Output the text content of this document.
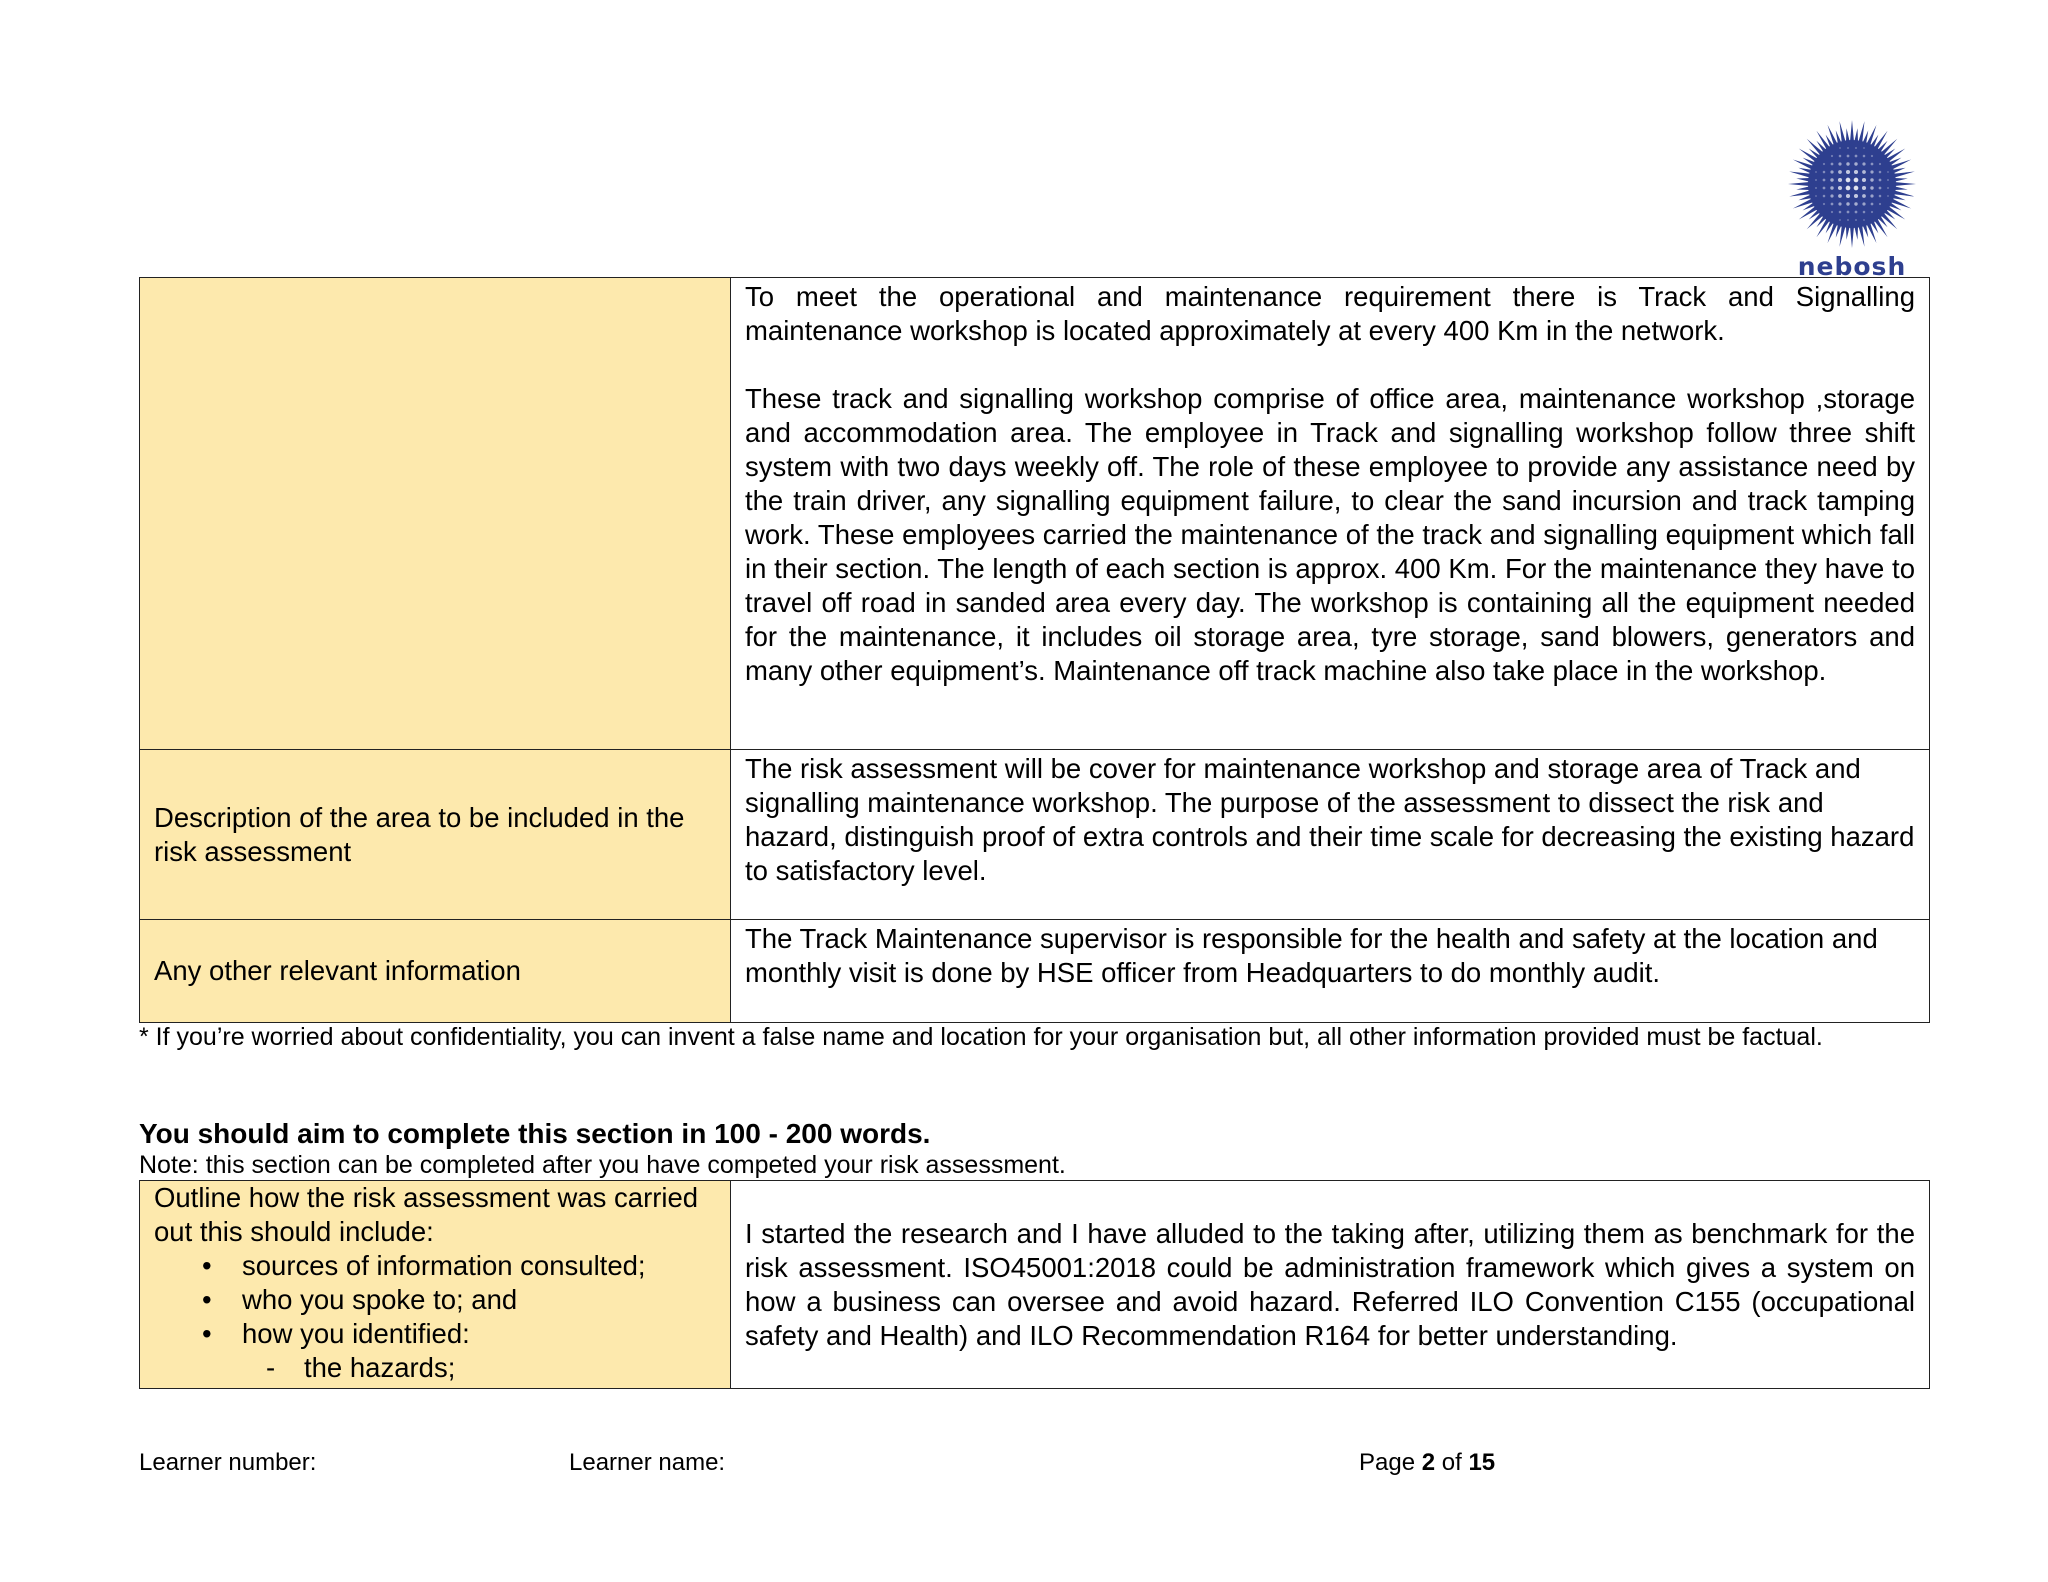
nebosh

	To meet the operational and maintenance requirement there is Track and Signalling maintenance workshop is located approximately at every 400 Km in the network.

These track and signalling workshop comprise of office area, maintenance workshop ,storage and accommodation area. The employee in Track and signalling workshop follow three shift system with two days weekly off. The role of these employee to provide any assistance need by the train driver, any signalling equipment failure, to clear the sand incursion and track tamping work. These employees carried the maintenance of the track and signalling equipment which fall in their section. The length of each section is approx. 400 Km. For the maintenance they have to travel off road in sanded area every day. The workshop is containing all the equipment needed for the maintenance, it includes oil storage area, tyre storage, sand blowers, generators and many other equipment’s. Maintenance off track machine also take place in the workshop.

Description of the area to be included in the risk assessment	The risk assessment will be cover for maintenance workshop and storage area of Track and signalling maintenance workshop. The purpose of the assessment to dissect the risk and hazard, distinguish proof of extra controls and their time scale for decreasing the existing hazard to satisfactory level.
Any other relevant information	The Track Maintenance supervisor is responsible for the health and safety at the location and monthly visit is done by HSE officer from Headquarters to do monthly audit.
* If you’re worried about confidentiality, you can invent a false name and location for your organisation but, all other information provided must be factual.
You should aim to complete this section in 100 - 200 words.
Note: this section can be completed after you have competed your risk assessment.
Outline how the risk assessment was carried out this should include:
• sources of information consulted;
• who you spoke to; and
• how you identified:
- the hazards;
	I started the research and I have alluded to the taking after, utilizing them as benchmark for the risk assessment. ISO45001:2018 could be administration framework which gives a system on how a business can oversee and avoid hazard. Referred ILO Convention C155 (occupational safety and Health) and ILO Recommendation R164 for better understanding.
Learner number:	Learner name:	Page 2 of 15
